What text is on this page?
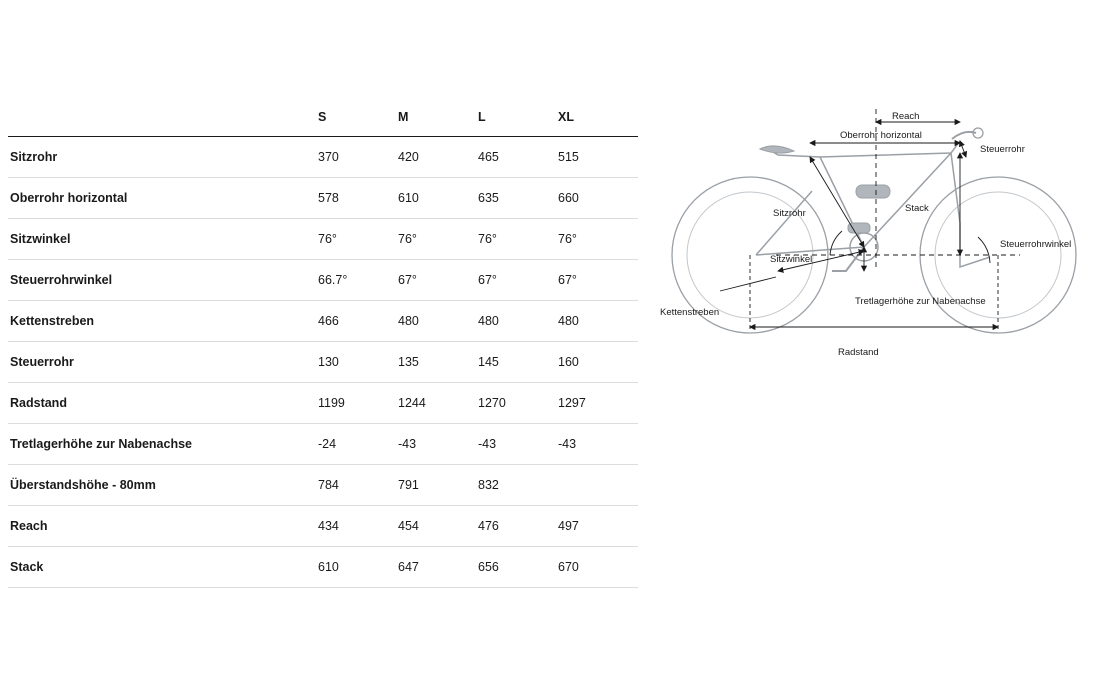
	S	M	L	XL
Sitzrohr	370	420	465	515
Oberrohr horizontal	578	610	635	660
Sitzwinkel	76°	76°	76°	76°
Steuerrohrwinkel	66.7°	67°	67°	67°
Kettenstreben	466	480	480	480
Steuerrohr	130	135	145	160
Radstand	1199	1244	1270	1297
Tretlagerhöhe zur Nabenachse	-24	-43	-43	-43
Überstandshöhe - 80mm	784	791	832	
Reach	434	454	476	497
Stack	610	647	656	670
Reach
Oberrohr horizontal
Steuerrohr
Sitzrohr	Stack
Sitzwinkel
Steuerrohrwinkel
Kettenstreben
Tretlagerhöhe zur Nabenachse
Radstand
